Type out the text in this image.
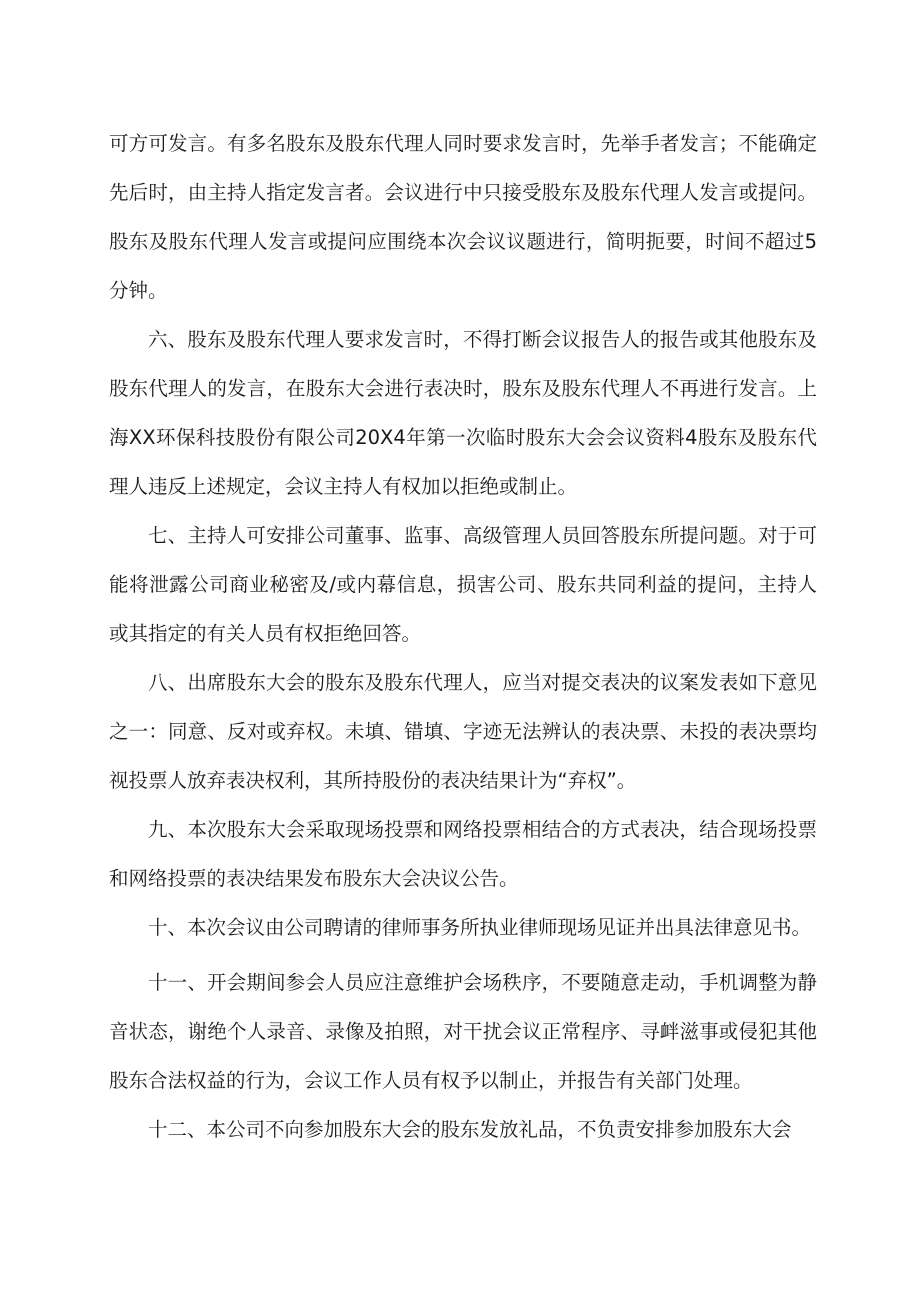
可方可发言。有多名股东及股东代理人同时要求发言时，先举手者发言；不能确定先后时，由主持人指定发言者。会议进行中只接受股东及股东代理人发言或提问。股东及股东代理人发言或提问应围绕本次会议议题进行，简明扼要，时间不超过5分钟。

六、股东及股东代理人要求发言时，不得打断会议报告人的报告或其他股东及股东代理人的发言，在股东大会进行表决时，股东及股东代理人不再进行发言。上海XX环保科技股份有限公司20X4年第一次临时股东大会会议资料4股东及股东代理人违反上述规定，会议主持人有权加以拒绝或制止。

七、主持人可安排公司董事、监事、高级管理人员回答股东所提问题。对于可能将泄露公司商业秘密及/或内幕信息，损害公司、股东共同利益的提问，主持人或其指定的有关人员有权拒绝回答。

八、出席股东大会的股东及股东代理人，应当对提交表决的议案发表如下意见之一：同意、反对或弃权。未填、错填、字迹无法辨认的表决票、未投的表决票均视投票人放弃表决权利，其所持股份的表决结果计为“弃权”。

九、本次股东大会采取现场投票和网络投票相结合的方式表决，结合现场投票和网络投票的表决结果发布股东大会决议公告。

十、本次会议由公司聘请的律师事务所执业律师现场见证并出具法律意见书。

十一、开会期间参会人员应注意维护会场秩序，不要随意走动，手机调整为静音状态，谢绝个人录音、录像及拍照，对干扰会议正常程序、寻衅滋事或侵犯其他股东合法权益的行为，会议工作人员有权予以制止，并报告有关部门处理。

十二、本公司不向参加股东大会的股东发放礼品，不负责安排参加股东大会
